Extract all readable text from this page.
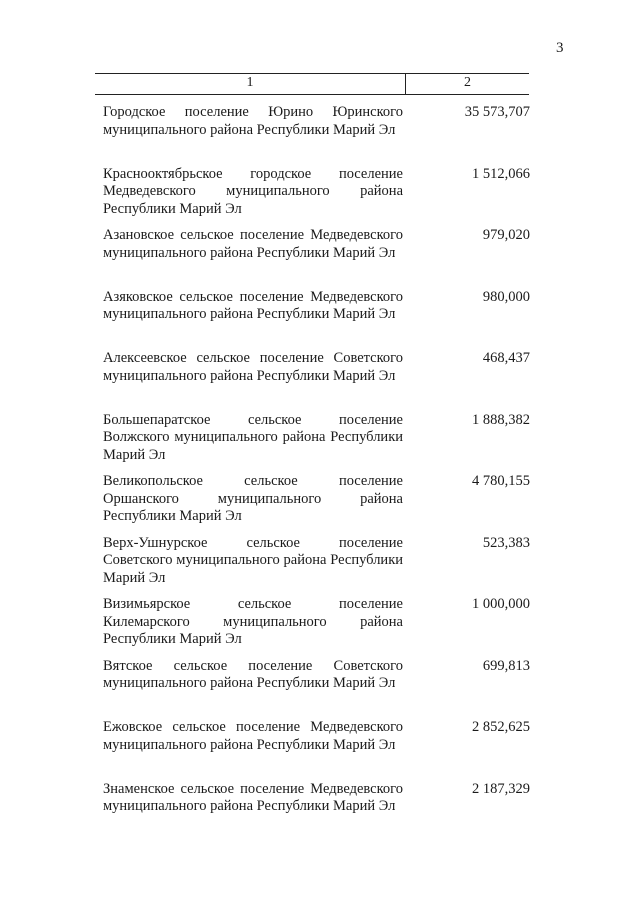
3
1	2
Городское поселение Юрино Юринского муниципального района Республики Марий Эл
35 573,707
Краснооктябрьское городское поселение Медведевского муниципального района Республики Марий Эл
1 512,066
Азановское сельское поселение Медведевского муниципального района Республики Марий Эл
979,020
Азяковское сельское поселение Медведевского муниципального района Республики Марий Эл
980,000
Алексеевское сельское поселение Советского муниципального района Республики Марий Эл
468,437
Большепаратское сельское поселение Волжского муниципального района Республики Марий Эл
1 888,382
Великопольское сельское поселение Оршанского муниципального района Республики Марий Эл
4 780,155
Верх-Ушнурское сельское поселение Советского муниципального района Республики Марий Эл
523,383
Визимьярское сельское поселение Килемарского муниципального района Республики Марий Эл
1 000,000
Вятское сельское поселение Советского муниципального района Республики Марий Эл
699,813
Ежовское сельское поселение Медведевского муниципального района Республики Марий Эл
2 852,625
Знаменское сельское поселение Медведевского муниципального района Республики Марий Эл
2 187,329
